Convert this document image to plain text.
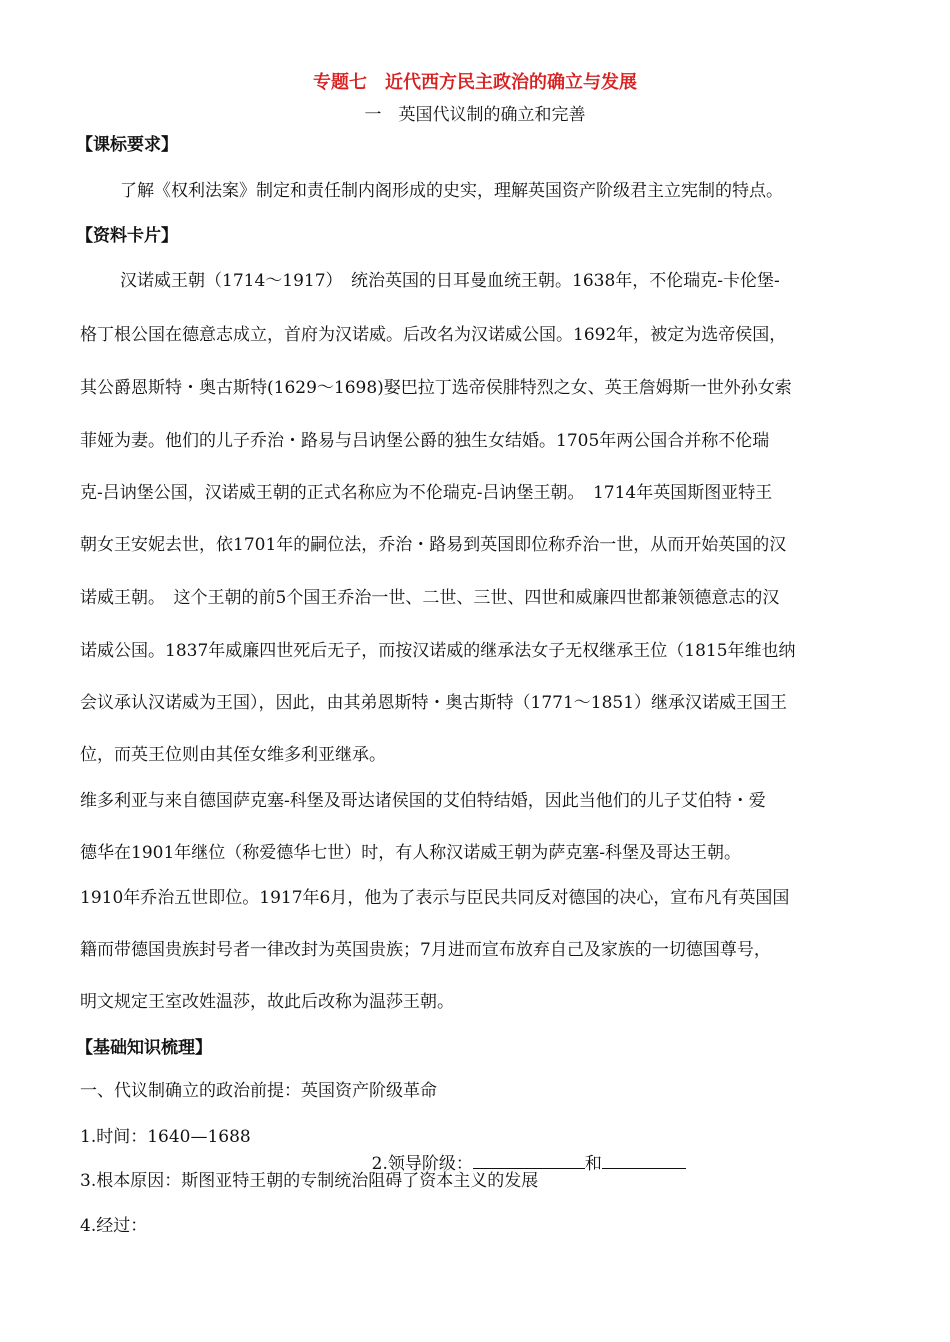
专题七　近代西方民主政治的确立与发展
一　英国代议制的确立和完善
【课标要求】
了解《权利法案》制定和责任制内阁形成的史实，理解英国资产阶级君主立宪制的特点。
【资料卡片】
汉诺威王朝（1714～1917）　统治英国的日耳曼血统王朝。1638年，不伦瑞克-卡伦堡-
格丁根公国在德意志成立，首府为汉诺威。后改名为汉诺威公国。1692年，被定为选帝侯国，
其公爵恩斯特・奥古斯特(1629～1698)娶巴拉丁选帝侯腓特烈之女、英王詹姆斯一世外孙女索
菲娅为妻。他们的儿子乔治・路易与吕讷堡公爵的独生女结婚。1705年两公国合并称不伦瑞
克-吕讷堡公国，汉诺威王朝的正式名称应为不伦瑞克-吕讷堡王朝。　1714年英国斯图亚特王
朝女王安妮去世，依1701年的嗣位法，乔治・路易到英国即位称乔治一世，从而开始英国的汉
诺威王朝。　这个王朝的前5个国王乔治一世、二世、三世、四世和威廉四世都兼领德意志的汉
诺威公国。1837年威廉四世死后无子，而按汉诺威的继承法女子无权继承王位（1815年维也纳
会议承认汉诺威为王国），因此，由其弟恩斯特・奥古斯特（1771～1851）继承汉诺威王国王
位，而英王位则由其侄女维多利亚继承。
维多利亚与来自德国萨克塞-科堡及哥达诸侯国的艾伯特结婚，因此当他们的儿子艾伯特・爱
德华在1901年继位（称爱德华七世）时，有人称汉诺威王朝为萨克塞-科堡及哥达王朝。
1910年乔治五世即位。1917年6月，他为了表示与臣民共同反对德国的决心，宣布凡有英国国
籍而带德国贵族封号者一律改封为英国贵族；7月进而宣布放弃自己及家族的一切德国尊号，
明文规定王室改姓温莎，故此后改称为温莎王朝。
【基础知识梳理】
一、代议制确立的政治前提：英国资产阶级革命
1.时间：1640—1688

2.领导阶级：	和

3.根本原因：斯图亚特王朝的专制统治阻碍了资本主义的发展
4.经过：
